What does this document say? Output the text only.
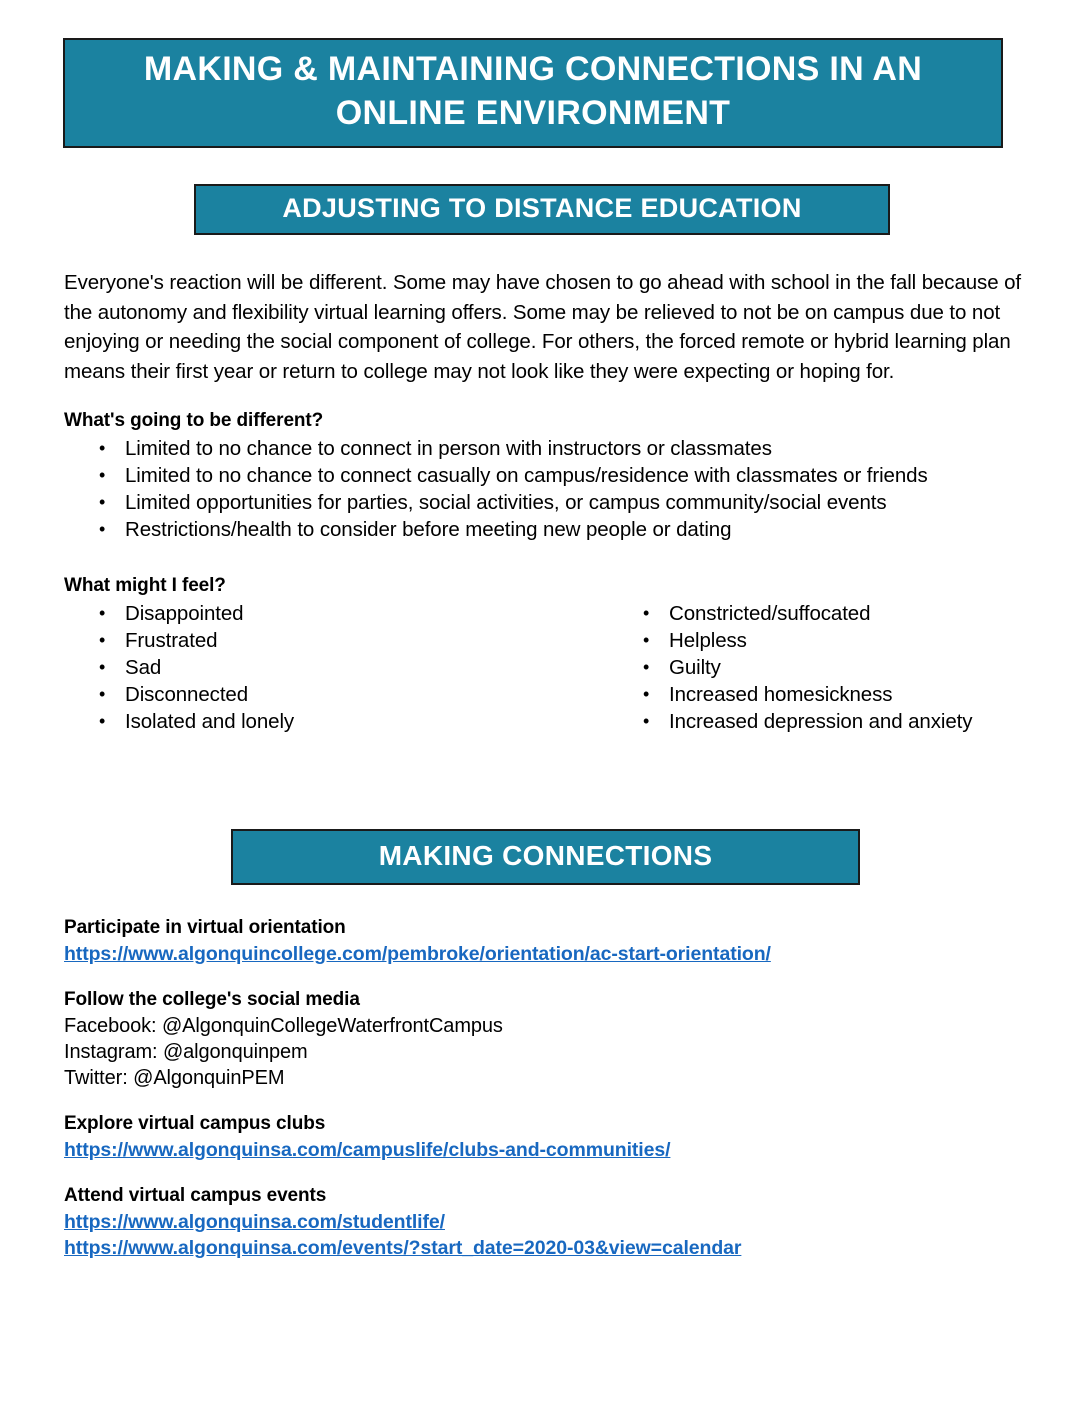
MAKING & MAINTAINING CONNECTIONS IN AN
ONLINE ENVIRONMENT
ADJUSTING TO DISTANCE EDUCATION

Everyone's reaction will be different. Some may have chosen to go ahead with school in the fall because of the autonomy and flexibility virtual learning offers. Some may be relieved to not be on campus due to not enjoying or needing the social component of college. For others, the forced remote or hybrid learning plan means their first year or return to college may not look like they were expecting or hoping for.

What's going to be different?
• Limited to no chance to connect in person with instructors or classmates
• Limited to no chance to connect casually on campus/residence with classmates or friends
• Limited opportunities for parties, social activities, or campus community/social events
• Restrictions/health to consider before meeting new people or dating
What might I feel?
• Disappointed
• Frustrated
• Sad
• Disconnected
• Isolated and lonely
• Constricted/suffocated
• Helpless
• Guilty
• Increased homesickness
• Increased depression and anxiety
MAKING CONNECTIONS
Participate in virtual orientation
https://www.algonquincollege.com/pembroke/orientation/ac-start-orientation/
Follow the college's social media
Facebook: @AlgonquinCollegeWaterfrontCampus
Instagram: @algonquinpem
Twitter: @AlgonquinPEM
Explore virtual campus clubs
https://www.algonquinsa.com/campuslife/clubs-and-communities/
Attend virtual campus events
https://www.algonquinsa.com/studentlife/
https://www.algonquinsa.com/events/?start_date=2020-03&view=calendar
